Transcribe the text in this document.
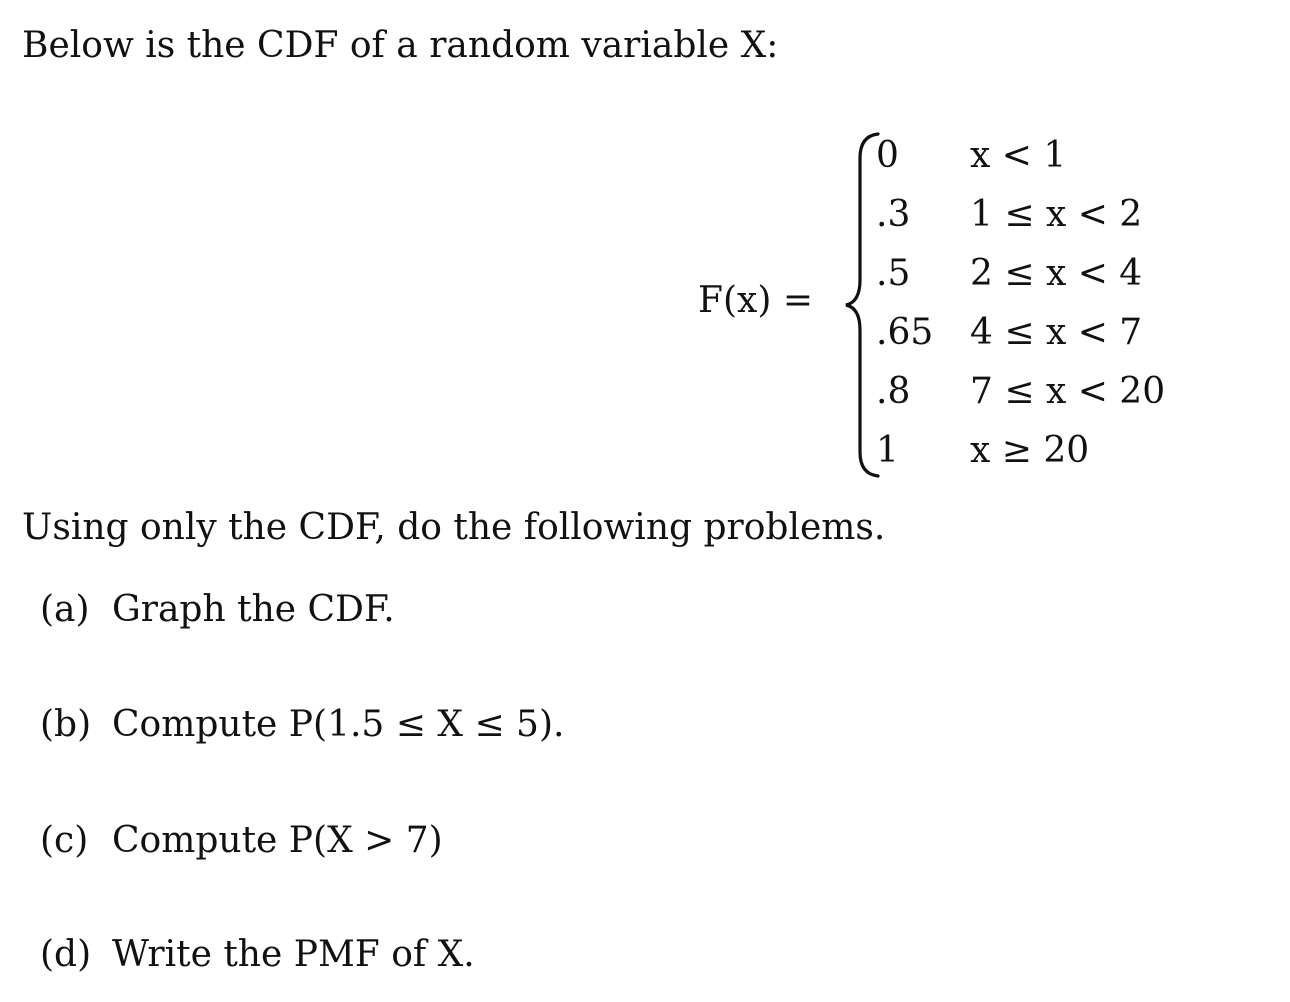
Below is the CDF of a random variable X:
F(x) =
0 x < 1
.3 1 ≤ x < 2
.5 2 ≤ x < 4
.65 4 ≤ x < 7
.8 7 ≤ x < 20
1 x ≥ 20
Using only the CDF, do the following problems.
(a) Graph the CDF.
(b) Compute P(1.5 ≤ X ≤ 5).
(c) Compute P(X > 7)
(d) Write the PMF of X.
